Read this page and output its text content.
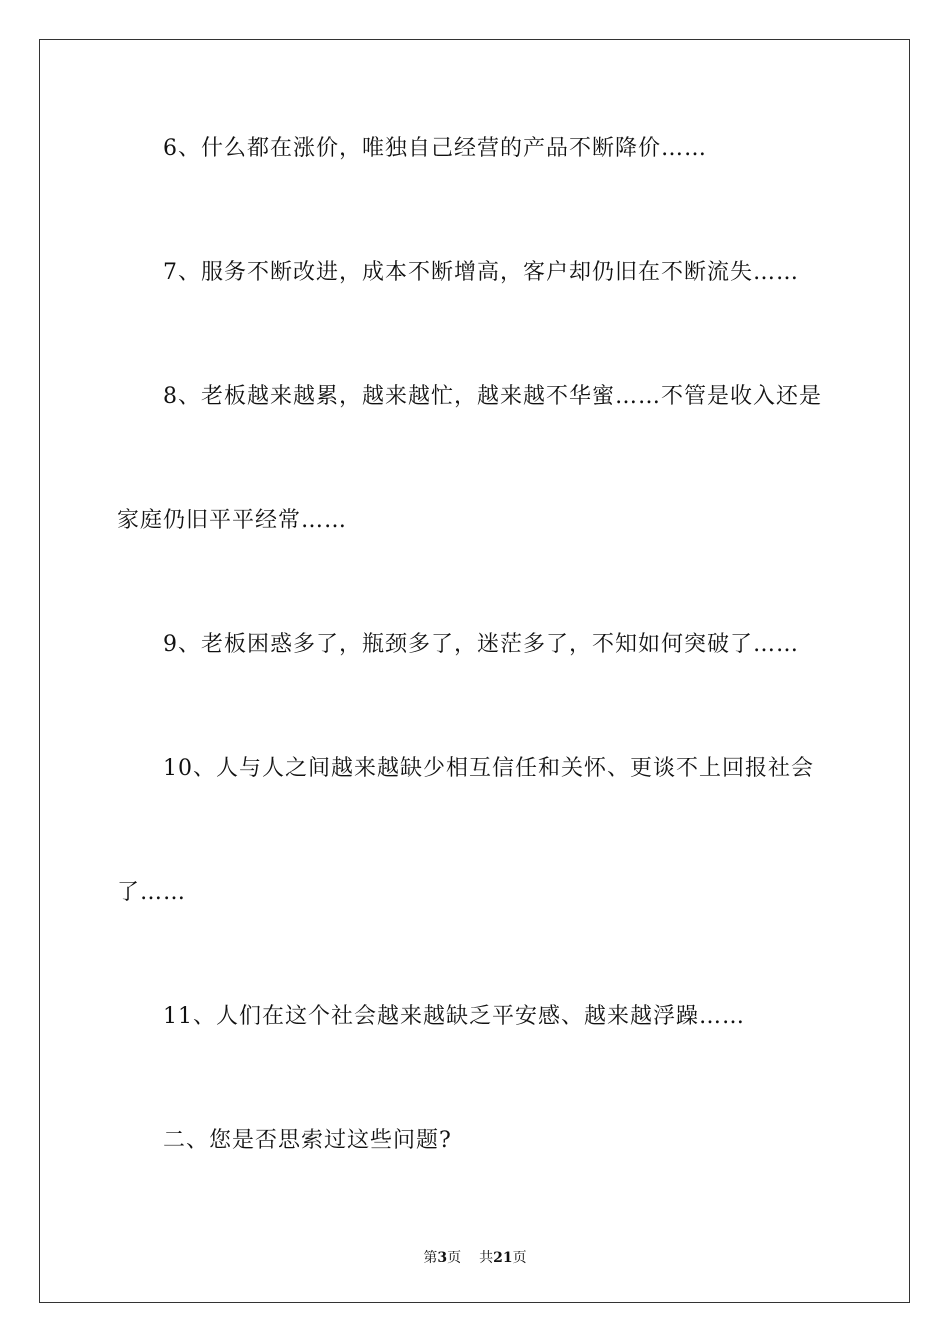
6、什么都在涨价，唯独自己经营的产品不断降价……

7、服务不断改进，成本不断增高，客户却仍旧在不断流失……

8、老板越来越累，越来越忙，越来越不华蜜……不管是收入还是家庭仍旧平平经常……

9、老板困惑多了，瓶颈多了，迷茫多了，不知如何突破了……

10、人与人之间越来越缺少相互信任和关怀、更谈不上回报社会了……

11、人们在这个社会越来越缺乏平安感、越来越浮躁……

二、您是否思索过这些问题?

第3页 共21页
